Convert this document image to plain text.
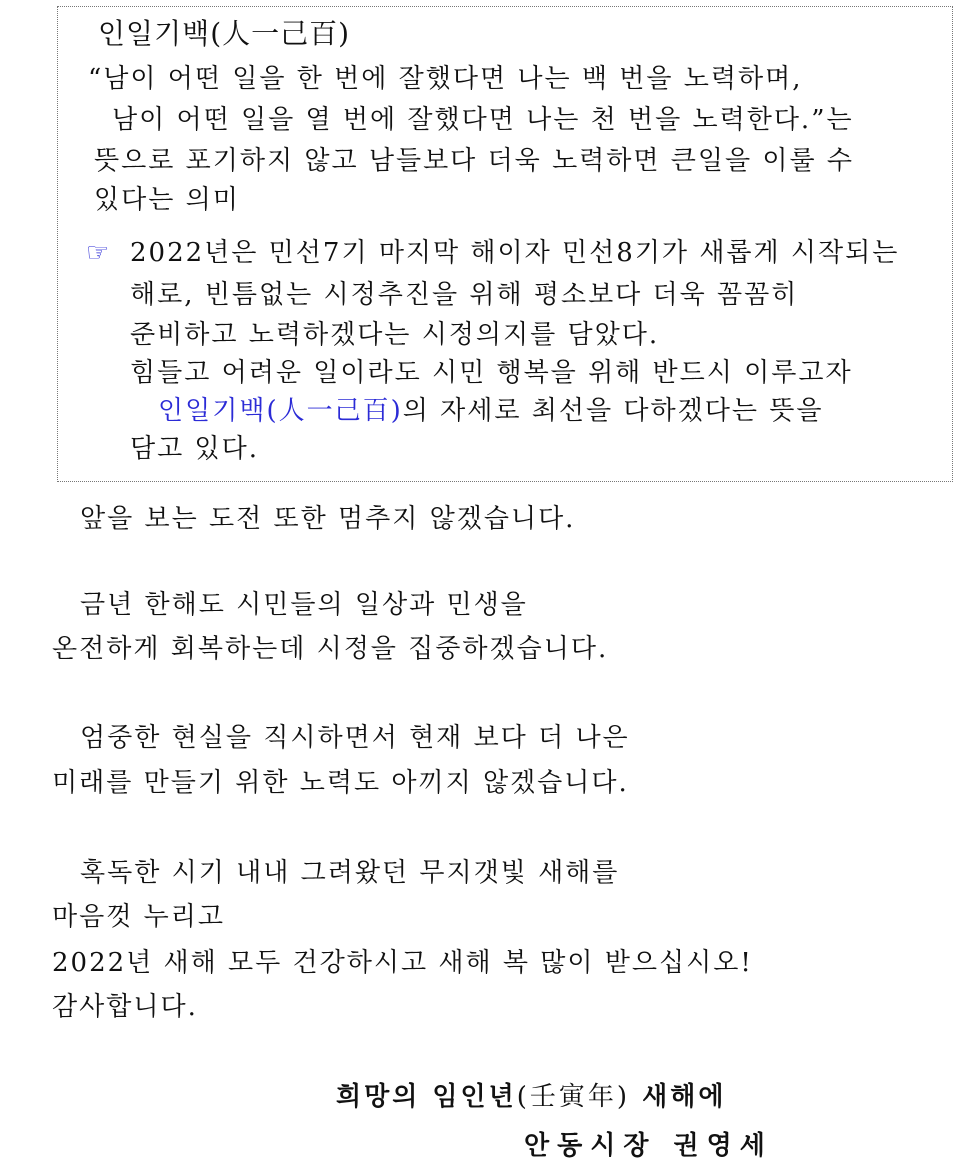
인일기백(人一己百)
“남이 어떤 일을 한 번에 잘했다면 나는 백 번을 노력하며,
남이 어떤 일을 열 번에 잘했다면 나는 천 번을 노력한다.”는
뜻으로 포기하지 않고 남들보다 더욱 노력하면 큰일을 이룰 수
있다는 의미
☞ 2022년은 민선7기 마지막 해이자 민선8기가 새롭게 시작되는
해로, 빈틈없는 시정추진을 위해 평소보다 더욱 꼼꼼히
준비하고 노력하겠다는 시정의지를 담았다.
힘들고 어려운 일이라도 시민 행복을 위해 반드시 이루고자
인일기백(人一己百)의 자세로 최선을 다하겠다는 뜻을
담고 있다.
앞을 보는 도전 또한 멈추지 않겠습니다.
금년 한해도 시민들의 일상과 민생을
온전하게 회복하는데 시정을 집중하겠습니다.
엄중한 현실을 직시하면서 현재 보다 더 나은
미래를 만들기 위한 노력도 아끼지 않겠습니다.
혹독한 시기 내내 그려왔던 무지갯빛 새해를
마음껏 누리고
2022년 새해 모두 건강하시고 새해 복 많이 받으십시오!
감사합니다.
희망의 임인년(壬寅年) 새해에
안동시장 권영세
